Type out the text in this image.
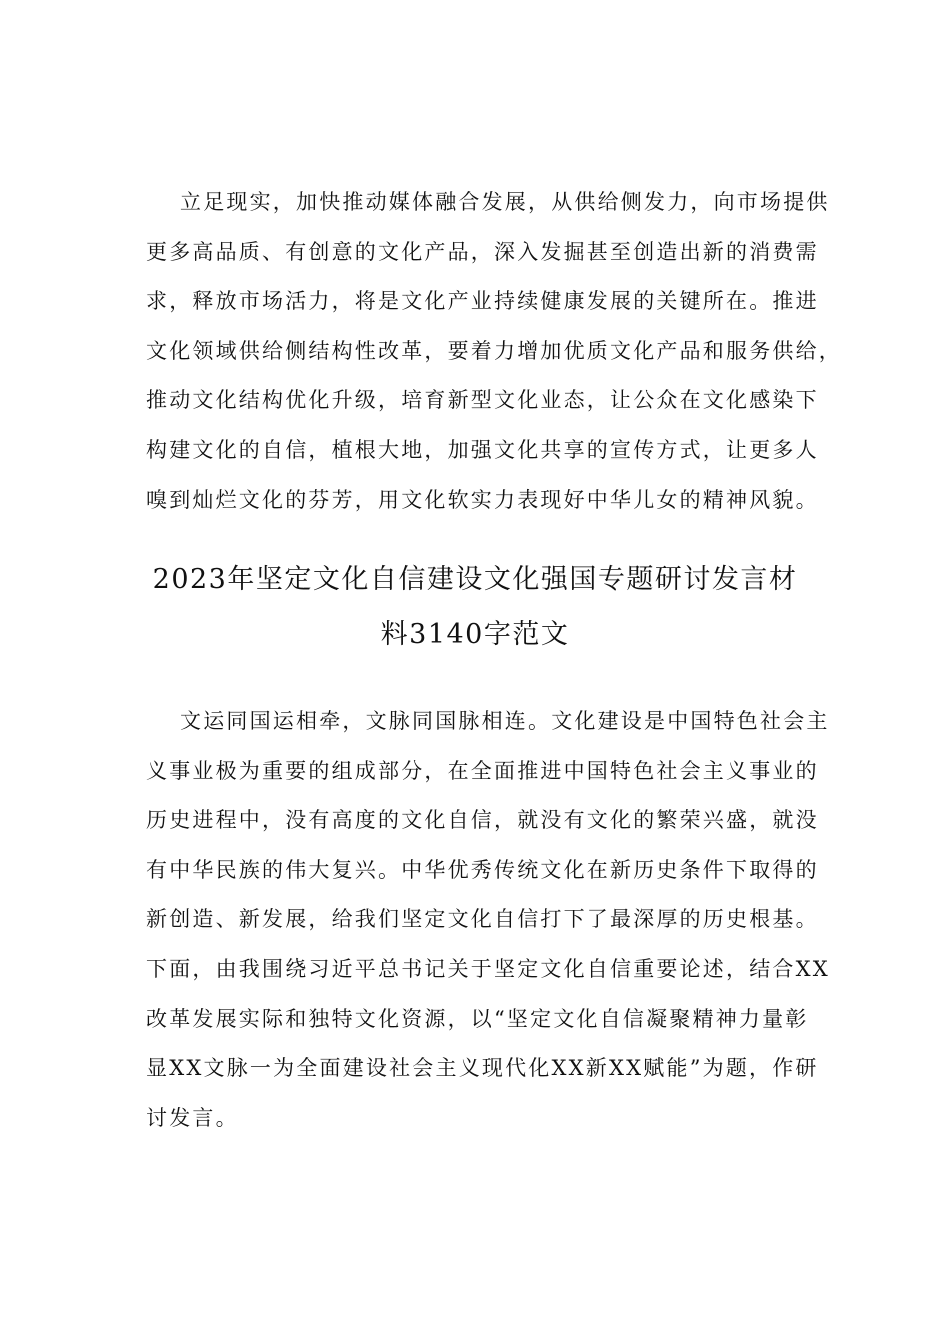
立足现实，加快推动媒体融合发展，从供给侧发力，向市场提供
更多高品质、有创意的文化产品，深入发掘甚至创造出新的消费需
求，释放市场活力，将是文化产业持续健康发展的关键所在。推进
文化领域供给侧结构性改革，要着力增加优质文化产品和服务供给，
推动文化结构优化升级，培育新型文化业态，让公众在文化感染下
构建文化的自信，植根大地，加强文化共享的宣传方式，让更多人
嗅到灿烂文化的芬芳，用文化软实力表现好中华儿女的精神风貌。
2023年坚定文化自信建设文化强国专题研讨发言材
料3140字范文
文运同国运相牵，文脉同国脉相连。文化建设是中国特色社会主
义事业极为重要的组成部分，在全面推进中国特色社会主义事业的
历史进程中，没有高度的文化自信，就没有文化的繁荣兴盛，就没
有中华民族的伟大复兴。中华优秀传统文化在新历史条件下取得的
新创造、新发展，给我们坚定文化自信打下了最深厚的历史根基。
下面，由我围绕习近平总书记关于坚定文化自信重要论述，结合XX
改革发展实际和独特文化资源，以“坚定文化自信凝聚精神力量彰
显XX文脉一为全面建设社会主义现代化XX新XX赋能”为题，作研
讨发言。
